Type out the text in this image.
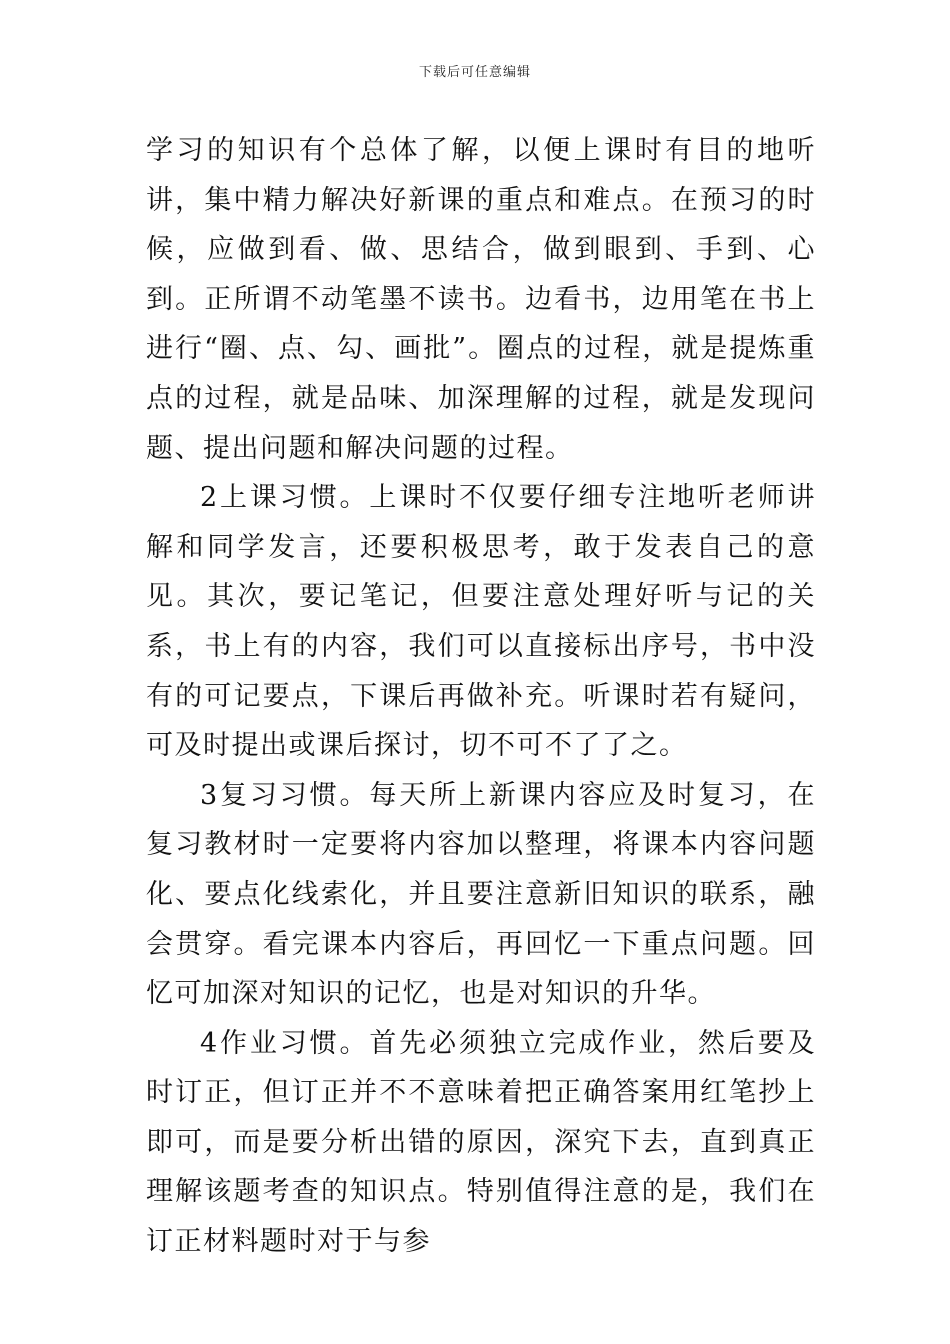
下载后可任意编辑

学习的知识有个总体了解，以便上课时有目的地听讲，集中精力解决好新课的重点和难点。在预习的时候，应做到看、做、思结合，做到眼到、手到、心到。正所谓不动笔墨不读书。边看书，边用笔在书上进行“圈、点、勾、画批”。圈点的过程，就是提炼重点的过程，就是品味、加深理解的过程，就是发现问题、提出问题和解决问题的过程。

2上课习惯。上课时不仅要仔细专注地听老师讲解和同学发言，还要积极思考，敢于发表自己的意见。其次，要记笔记，但要注意处理好听与记的关系，书上有的内容，我们可以直接标出序号，书中没有的可记要点，下课后再做补充。听课时若有疑问，可及时提出或课后探讨，切不可不了了之。

3复习习惯。每天所上新课内容应及时复习，在复习教材时一定要将内容加以整理，将课本内容问题化、要点化线索化，并且要注意新旧知识的联系，融会贯穿。看完课本内容后，再回忆一下重点问题。回忆可加深对知识的记忆，也是对知识的升华。

4作业习惯。首先必须独立完成作业，然后要及时订正，但订正并不不意味着把正确答案用红笔抄上即可，而是要分析出错的原因，深究下去，直到真正理解该题考查的知识点。特别值得注意的是，我们在订正材料题时对于与参
